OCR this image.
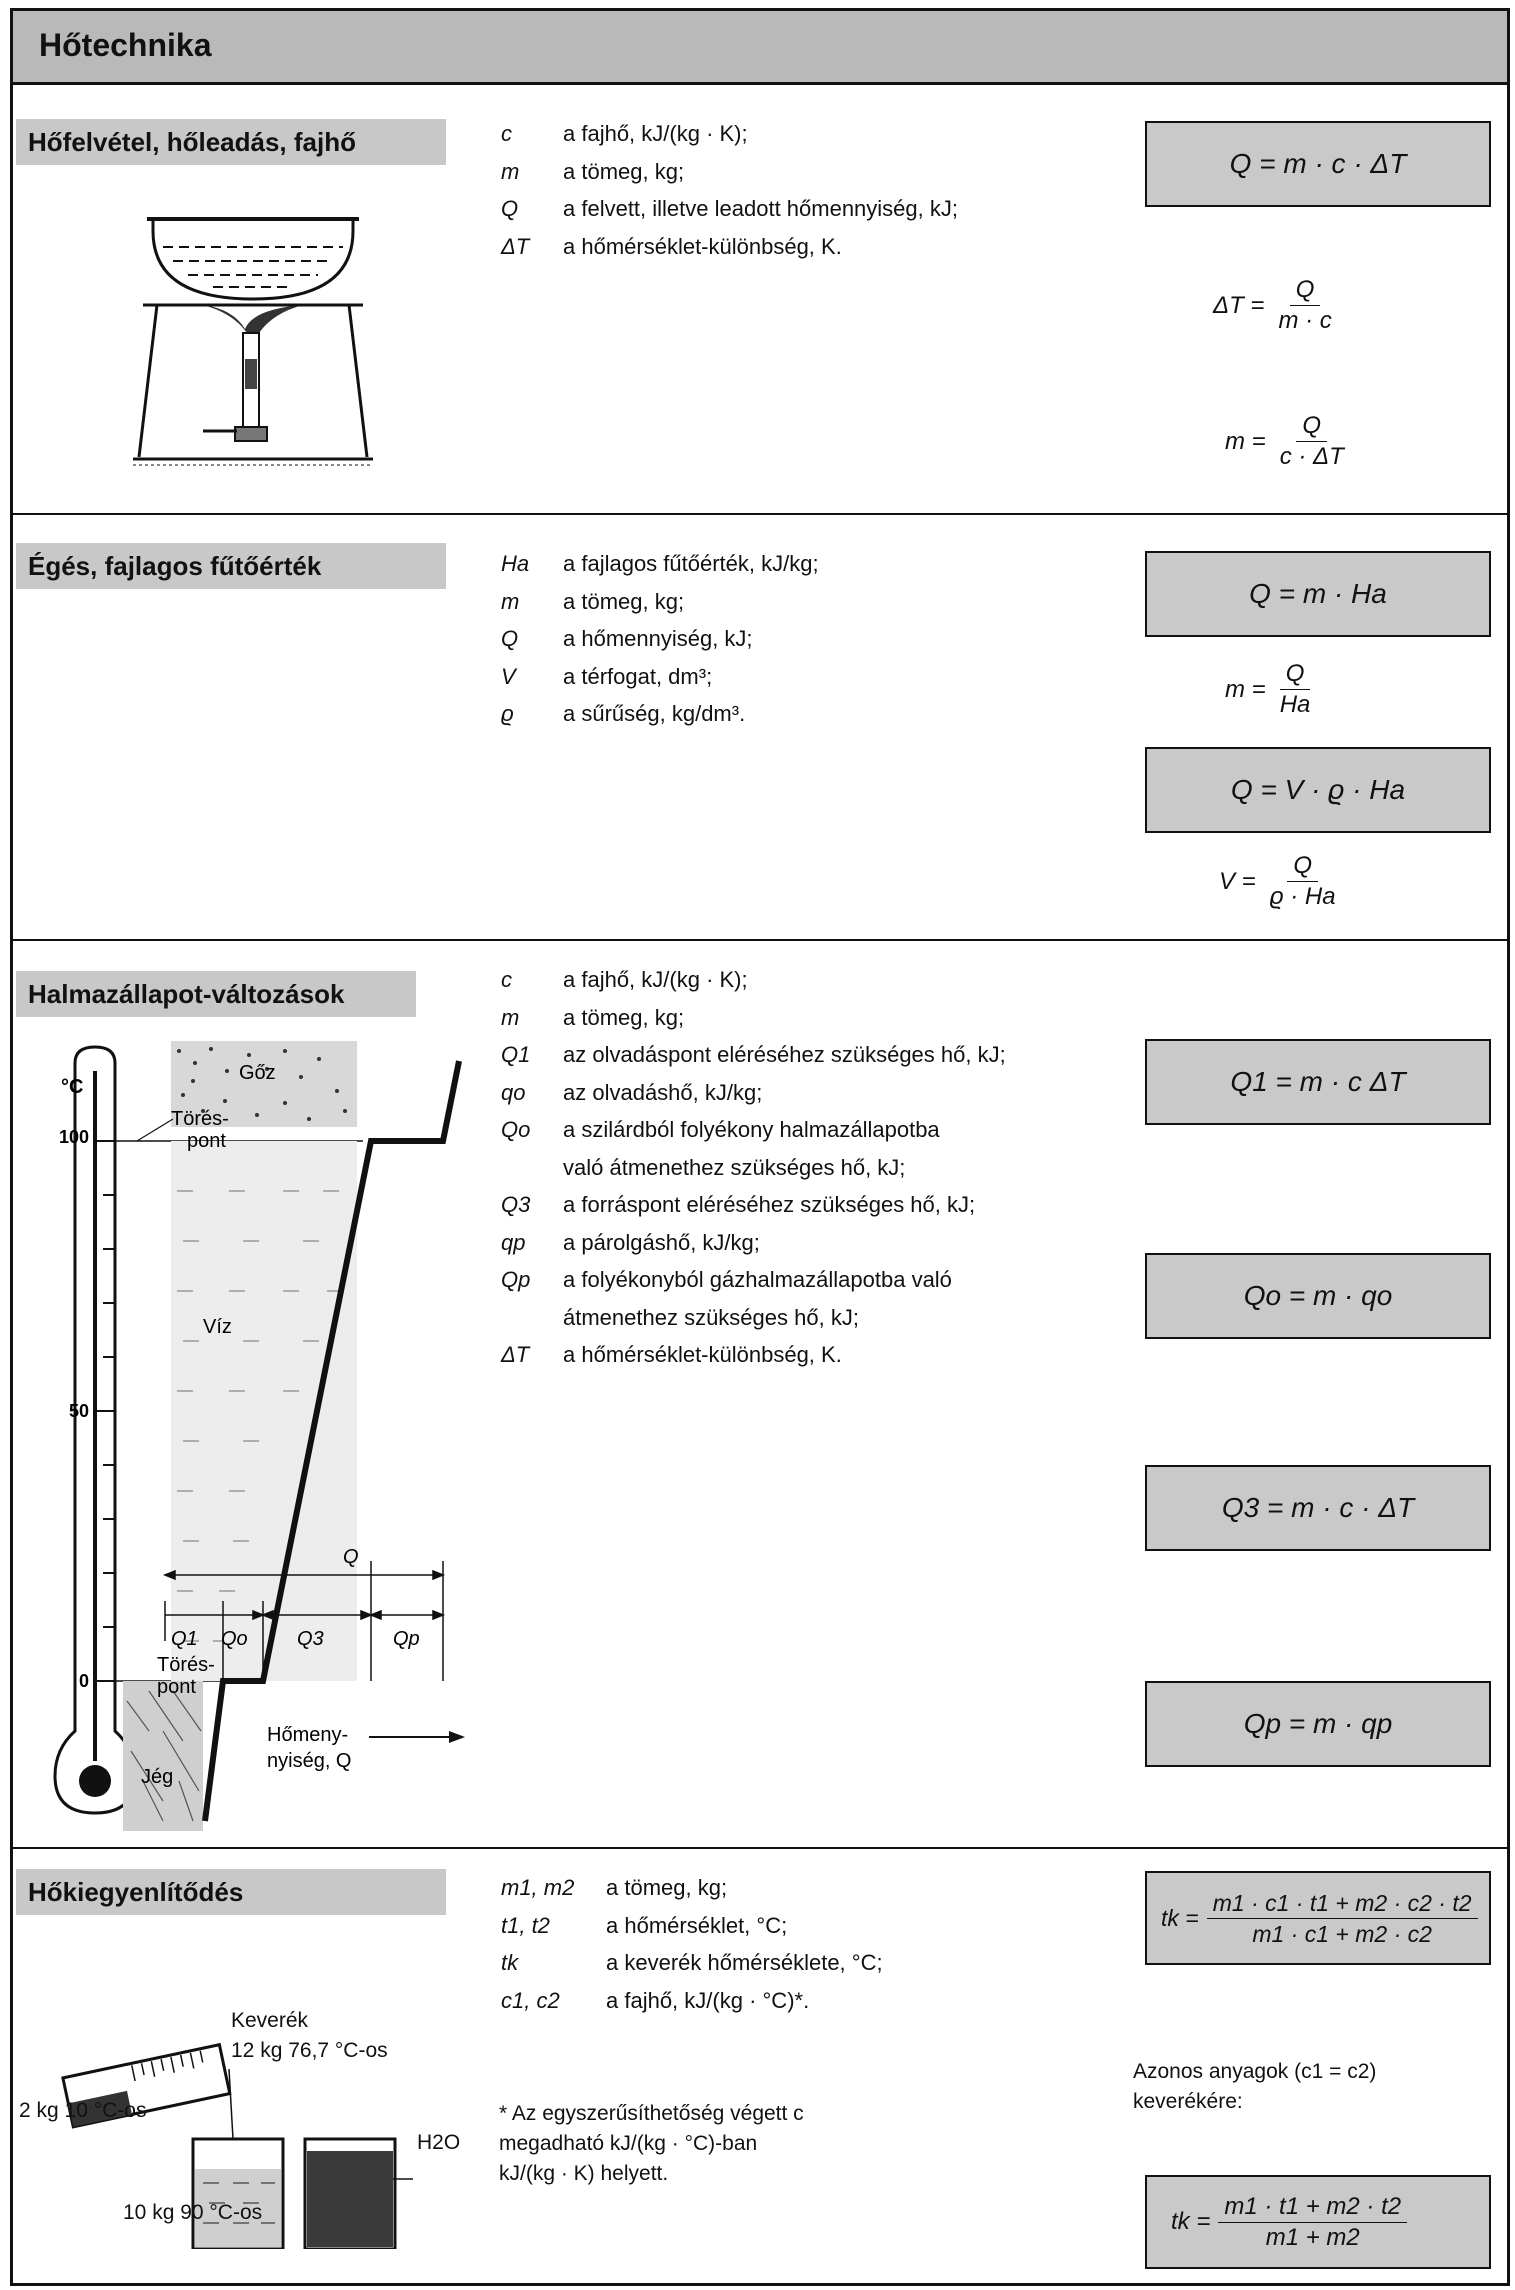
Hőtechnika
Hőfelvétel, hőleadás, fajhő	c a fajhő, kJ/(kg · K);
m a tömeg, kg;
Q a felvett, illetve leadott hőmennyiség, kJ;
ΔT a hőmérséklet-különbség, K.
Q = m · c · ΔT
$\Delta T = \frac{Q}{m \cdot c}$
$m = \frac{Q}{c \cdot \Delta T}$
Égés, fajlagos fűtőérték	Ha a fajlagos fűtőérték, kJ/kg;
m a tömeg, kg;
Q a hőmennyiség, kJ;
V a térfogat, dm³;
ϱ a sűrűség, kg/dm³.
Q = m · Ha
$m = \frac{Q}{Ha}$
Q = V · ϱ · Ha
$V = \frac{Q}{ϱ \cdot Ha}$
Halmazállapot-változások
°C
100
50
0
Gőz
Törés-
pont
Víz
Törés-
pont
Jég
Q
Q1 Qo Q3	Qp
Hőmeny-
nyiség, Q
c a fajhő, kJ/(kg · K);
m a tömeg, kg;
Q1 az olvadáspont eléréséhez szükséges hő, kJ;
qo az olvadáshő, kJ/kg;
Qo a szilárdból folyékony halmazállapotba
való átmenethez szükséges hő, kJ;
Q3 a forráspont eléréséhez szükséges hő, kJ;
qp a párolgáshő, kJ/kg;
Qp a folyékonyból gázhalmazállapotba való
átmenethez szükséges hő, kJ;
ΔT a hőmérséklet-különbség, K.
Q1 = m · c ΔT
Qo = m · qo
Q3 = m · c · ΔT
Qp = m · qp
Hőkiegyenlítődés
Keverék
12 kg 76,7 °C-os
2 kg 10 °C-os
10 kg 90 °C-os
H2O
m1, m2 a tömeg, kg;
t1, t2	a hőmérséklet, °C;
tk	a keverék hőmérséklete, °C;
c1, c2 a fajhő, kJ/(kg · °C)*.
* Az egyszerűsíthetőség végett c
megadható kJ/(kg · °C)-ban
kJ/(kg · K) helyett.
tk = $\frac{m1 \cdot c1 \cdot t1 + m2 \cdot c2 \cdot t2}{m1 \cdot c1 + m2 \cdot c2}$
Azonos anyagok (c1 = c2)
keverékére:
tk = $\frac{m1 \cdot t1 + m2 \cdot t2}{m1 + m2}$
